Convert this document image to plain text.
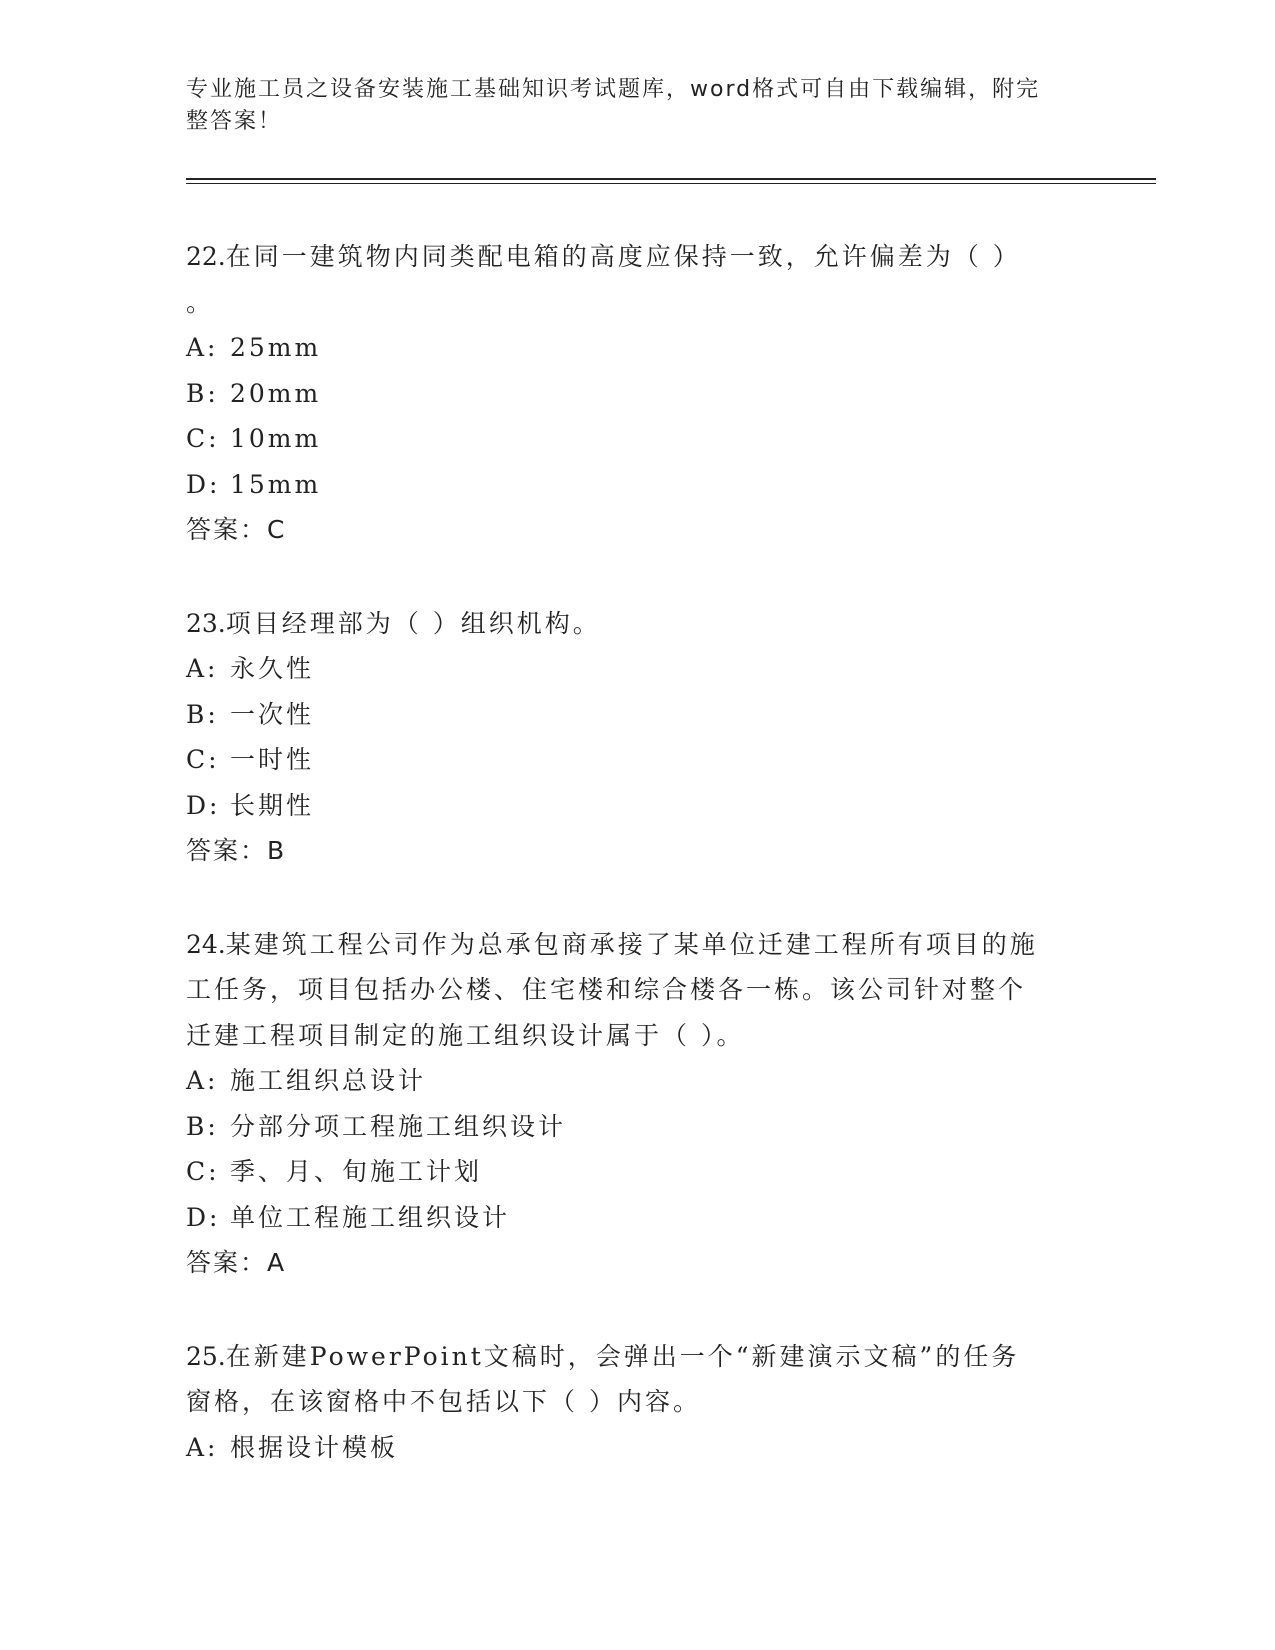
专业施工员之设备安装施工基础知识考试题库，word格式可自由下载编辑，附完
整答案！

22.在同一建筑物内同类配电箱的高度应保持一致，允许偏差为（ ）

。

A: 25mm

B: 20mm

C: 10mm

D: 15mm

答案：C

23.项目经理部为（ ）组织机构。

A: 永久性

B: 一次性

C: 一时性

D: 长期性

答案：B

24.某建筑工程公司作为总承包商承接了某单位迁建工程所有项目的施

工任务，项目包括办公楼、住宅楼和综合楼各一栋。该公司针对整个

迁建工程项目制定的施工组织设计属于（ ）。

A: 施工组织总设计

B: 分部分项工程施工组织设计

C: 季、月、旬施工计划

D: 单位工程施工组织设计

答案：A

25.在新建PowerPoint文稿时，会弹出一个“新建演示文稿”的任务

窗格，在该窗格中不包括以下（ ）内容。

A: 根据设计模板
